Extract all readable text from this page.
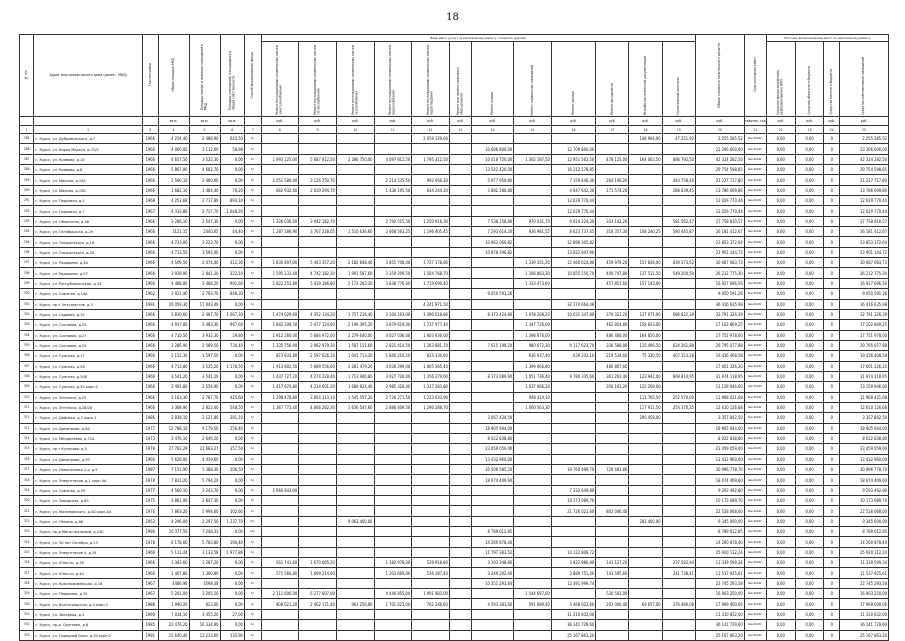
18
№ п/п	Адрес многоквартирного дома (далее - МКД)	Год постройки	Общая площадь МКД	Площадь жилых и нежилых помещений в МКД	Площадь помещений, находящихся в общей собственности	Способ формирования фонда	Виды работ (услуг) по капитальному ремонту, стоимость (рублей)												Общая стоимость капитального ремонта	Срок окончания работ	Источник финансирования работ по капитальному ремонту			
							Ремонт внутридомовых инженерных систем электроснабжения	Ремонт внутридомовых инженерных систем теплоснабжения	Ремонт внутридомовых инженерных систем газоснабжения	Ремонт внутридомовых инженерных систем водоснабжения	Ремонт внутридомовых инженерных систем водоотведения	Ремонт или замена лифтового оборудования	Ремонт крыши	Ремонт подвальных помещений	Ремонт фасада	Ремонт фундамента	Разработка проектной документации	Строительный контроль			Средства фонда содействия реформированию ЖКХ	Средства областного бюджета	Средства местного бюджета	Средства собственников помещений
			кв.м.	кв.м.	кв.м.		руб.	руб.	руб.	руб.	руб.	руб.	руб.	руб.	руб.	руб.	руб.	руб.	руб.	квартал, год	руб.	руб.	руб.	руб.
1	2	3	4	5	6	7	8	9	10	11	12	13	14	15	16	17	18	19	20	21	22	23	24	25
285	г. Курск, ул. Дубровинского, д.7	1966	4 254,40	2 488,90	643,50	б/-					2 059 129,60						148 904,00	47 251,92	2 255 285,52	4кв.2029г.	0,00	0,00	0	2 255 285,52
286	г. Курск, ул. Карла Маркса, д.72/9	1966	4 900,00	3 112,60	58,98	б/-							10 696 800,00		12 709 800,00				23 306 600,00	4кв.2029г.	0,00	0,00	0	23 306 600,00
287	г. Курск, ул. Кривова, д.10	1966	4 657,50	3 522,30	0,00	б/-	1 993 125,00	5 687 812,50	2 286 750,00	4 097 812,50	1 795 312,50		10 018 750,00	1 362 187,50	12 951 562,50	478 125,00	164 062,50	886 792,50	42 324 282,50	4кв.2029г.	0,00	0,00	0	42 324 282,50
288	г. Курск, ул. Кривова, д.8	1966	5 867,80	4 682,70	0,00	б/-							13 542 420,00		16 212 178,85				29 754 598,85	4кв.2029г.	0,00	0,00	0	29 754 598,85
289	г. Курск, ул. Мирная, д.15А	1966	2 590,10	2 480,00	0,00	б/-	1 051 580,00	3 126 250,70		2 214 535,50	992 066,30		5 977 950,80		7 159 446,30	264 196,20		444 758,40	21 227 717,80	4кв.2029г.	0,00	0,00	0	21 227 717,80
290	г. Курск, ул. Мирная, д.15Б	1966	1 682,10	1 484,40	70,20	б/-	682 932,60	2 030 294,70		1 438 195,50	644 244,30		3 882 286,80		4 647 642,30	171 574,20		288 839,45	13 786 009,86	4кв.2029г.	0,00	0,00	0	13 786 009,86
291	г. Курск, ул. Парковая, д.5	1968	4 253,68	2 717,80	893,10	б/-									12 029 770,44				12 029 770,44	4кв.2029г.	0,00	0,00	0	12 029 770,44
292	г. Курск, ул. Парковая, д.7	1967	4 333,88	2 727,70	1 048,20	б/-									12 029 770,44				12 029 770,44	4кв.2029г.	0,00	0,00	0	12 029 770,44
293	г. Курск, ул. Обоянская, д.46	1966	3 286,10	2 547,30	0,00	б/-	1 326 036,60	3 942 182,70		2 792 515,50	1 250 916,30		7 538 158,80	970 031,70	9 024 224,30	333 142,20		581 562,47	27 758 810,57	4кв.2029г.	0,00	0,00	0	27 758 810,57
294	г. Курск, ул. Октябрьская, д.29	1966	3121,15	2440,05	44,40	б/-	1 287 186,90	3 767 228,05	1 510 636,60	2 668 563,25	1 196 405,45		7 293 614,20	926 981,55	8 623 737,45	318 357,30	108 240,25	580 445,87	26 181 412,67	4кв.2029г.	0,00	0,00	0	26 181 412,67
295	г. Курск, ул. Ольшанского, д.18	1966	4 723,00	3 223,70	0,00	б/-							10 963 066,82		12 890 305,82				23 853 372,64	4кв.2029г.	0,00	0,00	0	23 853 372,64
296	г. Курск, ул. Ольшанского, д.20	1966	4 713,50	3 592,00	0,00	б/-							10 878 296,82		13 022 847,90				23 901 144,72	4кв.2029г.	0,00	0,00	0	23 901 144,72
297	г. Курск, ул. Радищева, д.40	1966	4 509,50	2 474,00	412,30	б/-	1 830 897,00	5 443 357,20	2 182 848,40	3 855 708,00	1 727 178,80			1 339 351,20	12 460 024,80	459 979,20	157 836,00	839 373,52	30 087 083,73	4кв.2029г.	0,00	0,00	0	30 087 083,73
298	г. Курск, ул. Радищева, д.57	1966	3 928,90	2 841,30	322,10	б/-	1 595 133,40	4 742 182,30	1 901 587,60	3 359 209,50	1 504 768,70			1 166 883,30	10 855 550,70	400 747,80	137 511,50	549 200,50	26 212 775,30	4кв.2029г.	0,00	0,00	0	26 212 775,30
299	г. Курск, ул. Республиканская, д.34	1966	4 488,80	3 488,20	991,60	б/-	1 822 252,80	5 419 186,80	2 173 283,20	3 838 776,00	1 719 690,40			1 333 473,60		457 857,60	157 143,00		16 927 696,56	4кв.2029г.	0,00	0,00	0	16 927 696,56
300	г. Курск, ул. Союзная, д.14А	1962	3 921,40	2 793,70	848,30	б/-							9 050 591,26						9 050 591,26	4кв.2029г.	0,00	0,00	0	9 050 591,26
301	г. Курск, пр-т Энтузиастов, д.5	1991	20 059,30	17 043,40	0,00	б/-					4 241 971,50				32 174 664,48				36 416 635,98	4кв.2029г.	0,00	0,00	0	36 416 635,98
302	г. Курск, ул. Садовая, д.32	1966	3 830,60	2 487,70	1 067,30	б/-	1 474 029,60	4 352 134,20	1 757 216,40	3 104 163,00	1 390 518,80		8 373 424,80	1 078 268,20	10 031 347,80	370 321,20	127 071,00	686 822,39	32 791 326,39	4кв.2029г.	0,00	0,00	0	32 791 326,39
303	г. Курск, ул. Сосновая, д.25	1966	4 937,80	3 483,30	967,60	б/-	1 842 349,50	5 477 124,90	2 196 395,20	3 879 619,00	1 737 977,40			1 347 726,00		462 854,80	158 823,00		17 102 869,25	4кв.2029г.	0,00	0,00	0	17 102 869,25
304	г. Курск, ул. Сосновая, д.27	1966	4 710,50	3 932,30	29,80	б/-	1 912 260,00	5 684 972,00	2 279 640,00	4 027 036,00	1 803 936,00			1 398 876,00		480 408,00	164 850,00		17 751 978,00	4кв.2029г.	0,00	0,00	0	17 751 978,00
305	г. Курск, ул. Сосновая, д.29	1966	3 286,90	2 589,50	730,40	б/-	1 335 756,40	3 962 979,30	1 587 151,60	2 821 414,50	1 263 881,70		7 615 199,20	980 672,30	9 117 623,70	336 588,80	115 496,50	624 261,88	29 795 077,88	4кв.2029г.	0,00	0,00	0	29 795 077,88
306	г. Курск, ул. Сумская, д.17	1966	2 152,30	1 597,50	0,00	б/-	873 833,80	2 597 626,10	1 041 713,20	1 840 216,50	824 330,90			636 937,40	639 233,10	219 534,60	75 330,50	407 153,28	19 436 408,58	4кв.2029г.	0,00	0,00	0	19 436 408,58
307	г. Курск, ул. Сумская, д.50	1966	4 713,80	3 535,20	1 178,50	б/-	1 913 802,50	5 689 556,60	2 281 479,20	4 030 299,00	1 805 365,40			1 399 966,80		480 807,60			17 601 326,20	4кв.2029г.	0,00	0,00	0	17 601 326,20
308	г. Курск, ул. Сумская, д.50Б	1966	3 541,20	3 541,20	0,00	б/-	1 437 727,20	4 274 228,40	1 713 940,80	3 027 726,00	1 356 279,60		8 173 089,60	1 051 736,40	9 784 335,60	361 202,40	123 942,00	669 810,95	31 974 118,95	4кв.2029г.	0,00	0,00	0	31 974 118,95
309	г. Курск, ул. Сумская, д.52 корп.2	1966	3 491,80	2 554,90	0,00	б/-	1 417 670,80	4 214 601,20	1 689 924,40	2 985 318,00	1 337 283,80			1 037 066,20		356 163,20	122 209,00		13 159 946,60	4кв.2029г.	0,00	0,00	0	13 159 946,60
310	г. Курск, ул. Энгельса, д.22	1966	3 163,30	2 787,70	425,60	б/-	1 298 478,80	3 854 313,10	1 545 557,20	2 730 271,50	1 223 033,90			948 410,10			111 765,50	252 570,00	11 968 421,68	4кв.2029г.	0,00	0,00	0	11 968 421,68
311	г. Курск, ул. Энгельса, д.28/26	1966	3 368,90	2 822,40	548,50	б/-	1 367 773,40	4 066 262,30	1 630 547,60	2 880 409,50	1 290 288,70			1 000 563,30			117 911,50	254 370,35	12 610 126,68	4кв.2029г.	0,00	0,00	0	12 610 126,68
312	г. Курск, ул. Дейнеки, д.7 корп.1	1986	3 838,10	2 121,80	291,10	б/-							3 067 434,50				290 458,00		3 357 842,50	4кв.2029г.	0,00	0,00	0	3 357 842,50
313	г. Курск, ул. Димитрова, д.84	1977	12 788,10	9 179,50	256,40	б/-							18 905 944,00						18 905 944,00	4кв.2029г.	0,00	0,00	0	18 905 944,00
314	г. Курск, ул. Менделеева, д.71А	1973	3 476,10	2 649,20	0,00	б/-							8 022 838,80						8 022 838,80	4кв.2029г.	0,00	0,00	0	8 022 838,80
315	г. Курск, пр-т Кулакова, д.5	1978	27 762,29	21 683,27	357,50	б/-							23 459 059,00						23 459 059,00	4кв.2029г.	0,00	0,00	0	23 459 059,00
316	г. Курск, ул. Димитрова, д.93	1966	5 626,00	4 439,60	0,00	б/-							13 432 960,00						13 432 960,00	4кв.2029г.	0,00	0,00	0	13 432 960,00
317	г. Курск, ул. Новоселовка 2-я, д.5	1987	7 151,90	5 388,30	106,50	б/-							10 506 585,20		19 760 699,70	729 493,80			30 996 778,70	4кв.2029г.	0,00	0,00	0	30 996 778,70
318	г. Курск, ул. Энергетиков, д.1 корп.4А	1978	7 831,20	5 794,20	0,00	б/-							18 074 409,60						18 074 409,60	4кв.2029г.	0,00	0,00	0	18 074 409,60
319	г. Курск, ул. Союзная, д.59	1977	4 560,10	3 243,70	0,00	б/-	1 960 843,00								7 332 649,80				9 293 492,80	4кв.2029г.	0,00	0,00	0	9 293 492,80
320	г. Курск, ул. Заводская, д.83	1975	3 881,90	2 847,30	0,00	б/-									10 173 089,70				10 173 089,70	4кв.2029г.	0,00	0,00	0	10 173 089,70
321	г. Курск, ул. Малиновского, д.40 корп.А4	1976	7 863,20	5 994,60	102,60	б/-									21 726 021,60	802 046,40			22 528 068,00	4кв.2029г.	0,00	0,00	0	22 528 068,00
322	г. Курск, ул. Ленина, д.86	1952	4 296,00	2 297,50	1 237,70	б/у			9 063 400,00								281 400,00		9 345 000,00	4кв.2029г.	0,00	0,00	0	9 345 000,00
323	г. Курск, пр-д Магистральный, д.24Б	1996	10 377,50	7 248,33	0,00	10/-							8 789 012,85						8 789 012,85	4кв.2029г.	0,00	0,00	0	8 789 012,85
324	г. Курск, ул. 50 лет Октября, д.13	1978	6 178,60	5 783,80	190,40	б/-							14 260 878,40						14 260 878,40	4кв.2029г.	0,00	0,00	0	14 260 878,40
325	г. Курск, ул. Энергетиков 4, д.29	1966	5 111,44	3 133,58	1 977,86	б/-							11 797 383,52		14 122 808,72				25 920 112,24	4кв.2029г.	0,00	0,00	0	25 920 112,24
326	г. Курск, ул. Юности, д.38	1966	1 383,60	1 287,20	0,00	б/-	561 741,60	1 670 065,20		1 182 978,00	529 918,80		3 193 348,80		3 822 886,80	141 127,20		237 582,94	11 339 599,34	4кв.2029г.	0,00	0,00	0	11 339 599,34
327	г. Курск, ул. Юности, д.40	1966	1 407,80	1 300,80	0,00	б/-	571 566,80	1 699 214,60		1 203 669,00	536 187,40		3 249 202,40		3 889 751,40	143 595,60		241 738,41	11 537 925,61	4кв.2029г.	0,00	0,00	0	11 537 925,61
328	г. Курск, ул. Красноармейская, д.16	1967	4486,98	3598,38	0,00	б/-							10 351 293,84		12 391 999,74				22 745 293,58	4кв.2029г.	0,00	0,00	0	22 745 293,58
329	г. Курск, ул. Первомая, д.15	1967	5 201,00	3 205,50	0,00	б/-	2 111 606,00	6 277 607,00		4 446 855,00	1 991 983,00			1 544 697,00		530 502,00			16 903 250,00	4кв.2029г.	0,00	0,00	0	16 903 250,00
330	г. Курск, ул. Волгоградская, д.4 корп.2	1988	1 990,20	823,00	0,00	м/-	808 021,20	2 402 171,40	963 256,80	1 701 621,00	762 246,60		4 593 381,60	591 089,40	5 468 022,60	203 000,40	69 657,00	376 486,08	17 969 000,06	4кв.2029г.	0,00	0,00	0	17 969 000,06
331	г. Курск, ул. Звездная, д.3	1990	7 034,10	3 455,20	27,00	б/-									11 310 832,00				11 310 832,00	4кв.2029г.	0,00	0,00	0	11 310 832,00
332	г. Курск, пр-д. Сергеева, д.6	1985	22 476,20	16 334,90	0,00	б/-									36 141 729,60				36 141 729,60	4кв.2029г.	0,00	0,00	0	36 141 729,60
333	г. Курск, ул. Народной Воли, д.39 корп.2	1991	15 640,40	12 233,00	135,90	б/-									25 167 863,20				25 167 863,20	4кв.2029г.	0,00	0,00	0	25 167 863,20
